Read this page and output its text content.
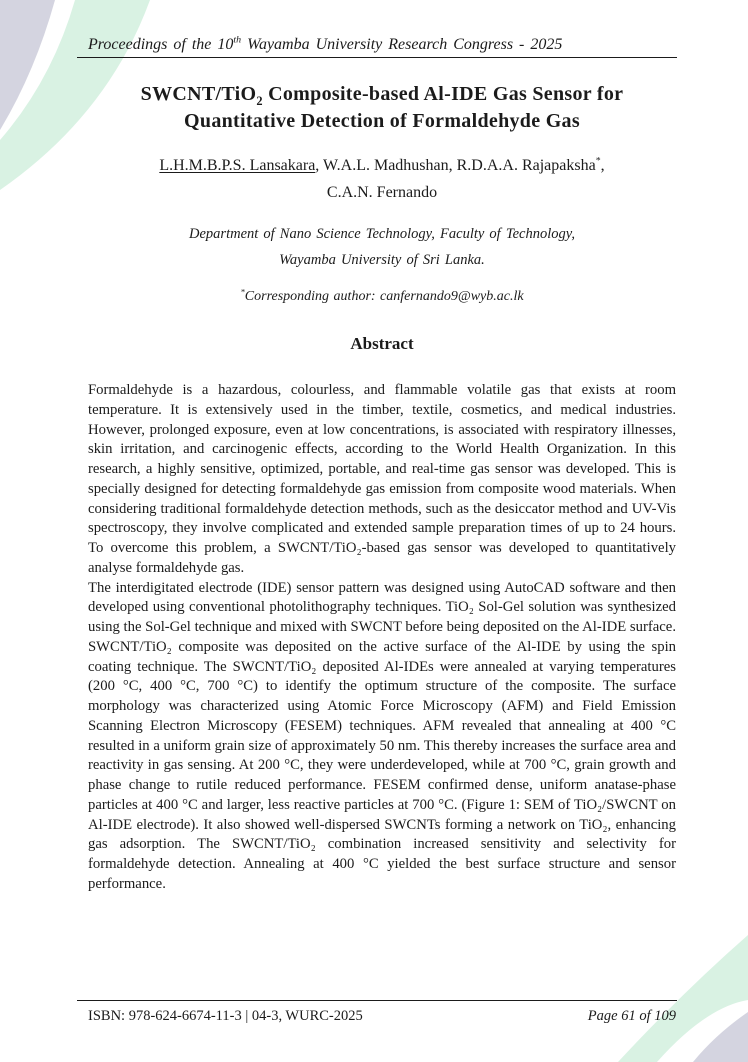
Proceedings of the 10th Wayamba University Research Congress - 2025
SWCNT/TiO$_2$ Composite-based Al-IDE Gas Sensor for
Quantitative Detection of Formaldehyde Gas
L.H.M.B.P.S. Lansakara, W.A.L. Madhushan, R.D.A.A. Rajapaksha*,
C.A.N. Fernando
Department of Nano Science Technology, Faculty of Technology,
Wayamba University of Sri Lanka.
*Corresponding author: canfernando9@wyb.ac.lk
Abstract

Formaldehyde is a hazardous, colourless, and flammable volatile gas that exists at room temperature. It is extensively used in the timber, textile, cosmetics, and medical industries. However, prolonged exposure, even at low concentrations, is associated with respiratory illnesses, skin irritation, and carcinogenic effects, according to the World Health Organization. In this research, a highly sensitive, optimized, portable, and real-time gas sensor was developed. This is specially designed for detecting formaldehyde gas emission from composite wood materials. When considering traditional formaldehyde detection methods, such as the desiccator method and UV-Vis spectroscopy, they involve complicated and extended sample preparation times of up to 24 hours. To overcome this problem, a SWCNT/TiO₂-based gas sensor was developed to quantitatively analyse formaldehyde gas.

The interdigitated electrode (IDE) sensor pattern was designed using AutoCAD software and then developed using conventional photolithography techniques. TiO₂ Sol-Gel solution was synthesized using the Sol-Gel technique and mixed with SWCNT before being deposited on the Al-IDE surface. SWCNT/TiO₂ composite was deposited on the active surface of the Al-IDE by using the spin coating technique. The SWCNT/TiO₂ deposited Al-IDEs were annealed at varying temperatures (200 °C, 400 °C, 700 °C) to identify the optimum structure of the composite. The surface morphology was characterized using Atomic Force Microscopy (AFM) and Field Emission Scanning Electron Microscopy (FESEM) techniques. AFM revealed that annealing at 400 °C resulted in a uniform grain size of approximately 50 nm. This thereby increases the surface area and reactivity in gas sensing. At 200 °C, they were underdeveloped, while at 700 °C, grain growth and phase change to rutile reduced performance. FESEM confirmed dense, uniform anatase-phase particles at 400 °C and larger, less reactive particles at 700 °C. (Figure 1: SEM of TiO₂/SWCNT on Al-IDE electrode). It also showed well-dispersed SWCNTs forming a network on TiO₂, enhancing gas adsorption. The SWCNT/TiO₂ combination increased sensitivity and selectivity for formaldehyde detection. Annealing at 400 °C yielded the best surface structure and sensor performance.

ISBN: 978-624-6674-11-3 | 04-3, WURC-2025	Page 61 of 109
